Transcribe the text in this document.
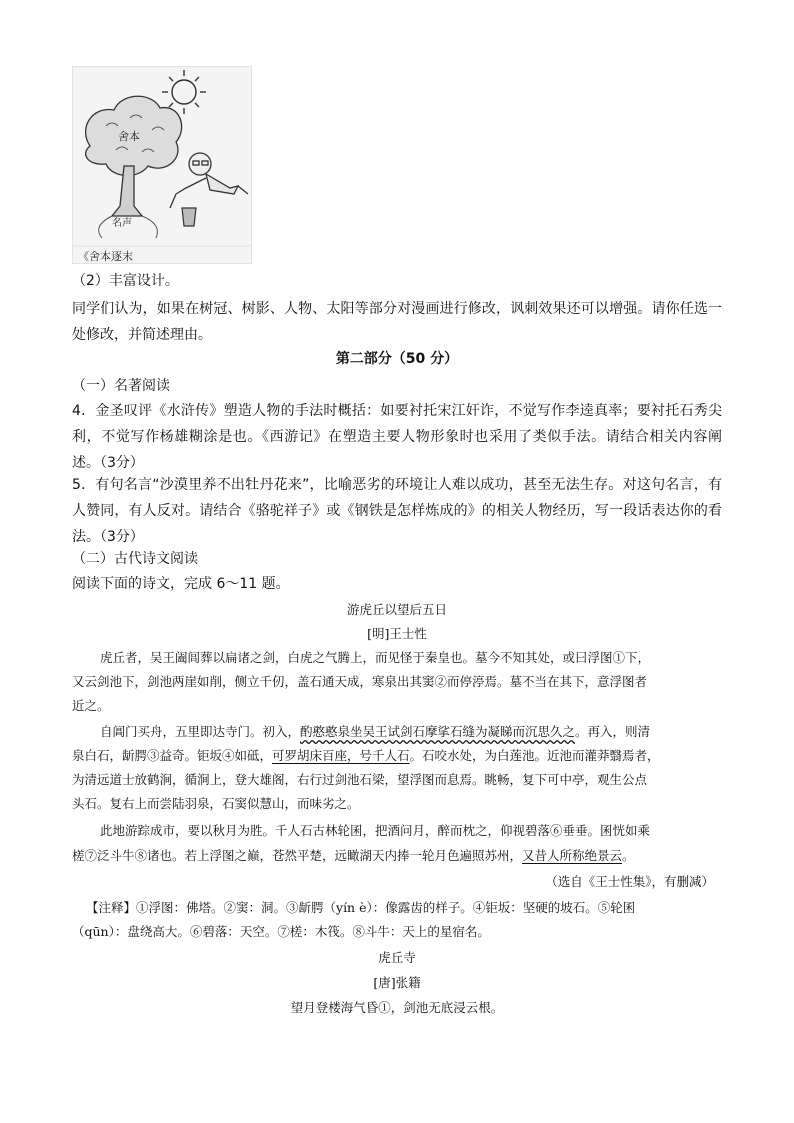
舍本
名声
《舍本逐末
（2）丰富设计。
同学们认为，如果在树冠、树影、人物、太阳等部分对漫画进行修改，讽刺效果还可以增强。请你任选一处修改，并简述理由。
第二部分（50 分）
（一）名著阅读
4．金圣叹评《水浒传》塑造人物的手法时概括：如要衬托宋江奸诈，不觉写作李逵真率；要衬托石秀尖利，不觉写作杨雄糊涂是也。《西游记》在塑造主要人物形象时也采用了类似手法。请结合相关内容阐述。（3分）
5．有句名言“沙漠里养不出牡丹花来”，比喻恶劣的环境让人难以成功，甚至无法生存。对这句名言，有人赞同，有人反对。请结合《骆驼祥子》或《钢铁是怎样炼成的》的相关人物经历，写一段话表达你的看法。（3分）
（二）古代诗文阅读
阅读下面的诗文，完成 6～11 题。
游虎丘以望后五日
[明]王士性
虎丘者，吴王阖闾葬以扁诸之剑，白虎之气腾上，而见怪于秦皇也。墓今不知其处，或曰浮图①下，
又云剑池下，剑池两崖如削，侧立千仞，盖石通天成，寒泉出其窦②而停渟焉。墓不当在其下，意浮图者
近之。
自阊门买舟，五里即达寺门。初入，酌憨憨泉坐吴王试剑石摩挲石缝为凝睇而沉思久之。再入，则清
泉白石，龂腭③益奇。钜坂④如砥，可罗胡床百座，号千人石。石咬水处，为白莲池。近池而灌莽翳焉者，
为清远道士放鹤涧，循涧上，登大雄阁，右行过剑池石梁，望浮图而息焉。眺畅，复下可中亭，观生公点
头石。复右上而尝陆羽泉，石窦似慧山，而味劣之。
此地游踪成市，要以秋月为胜。千人石古林轮囷，把酒问月，醉而枕之，仰视碧落⑥垂垂。囷恍如乘
槎⑦泛斗牛⑧诸也。若上浮图之巅，苍然平楚，远瞰湖天内捧一轮月色遍照苏州，又昔人所称绝景云。
（选自《王士性集》，有删减）
【注释】①浮图：佛塔。②窦：洞。③龂腭（yín è）：像露齿的样子。④钜坂：坚硬的坡石。⑤轮囷
（qūn）：盘绕高大。⑥碧落：天空。⑦槎：木筏。⑧斗牛：天上的星宿名。
虎丘寺
[唐]张籍
望月登楼海气昏①，剑池无底浸云根。
